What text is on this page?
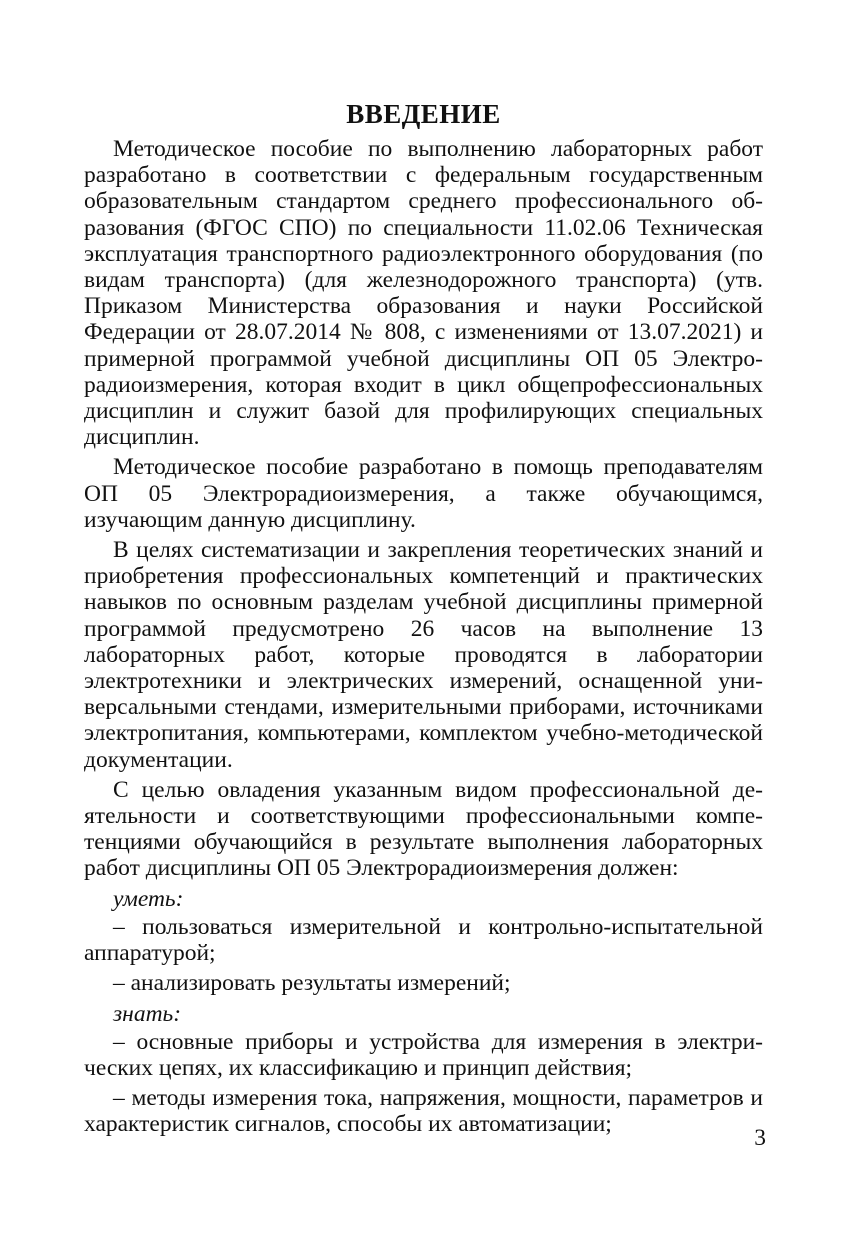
ВВЕДЕНИЕ

Методическое пособие по выполнению лабораторных работ разработано в соответствии с федеральным государственным образовательным стандартом среднего профессионального образования (ФГОС СПО) по специальности 11.02.06 Техническая эксплуатация транспортного радиоэлектронного оборудования (по видам транспорта) (для железнодорожного транспорта) (утв. Приказом Министерства образования и науки Российской Федерации от 28.07.2014 № 808, с изменениями от 13.07.2021) и примерной программой учебной дисциплины ОП 05 Электрорадиоизмерения, которая входит в цикл общепрофессиональных дисциплин и служит базой для профилирующих специальных дисциплин.

Методическое пособие разработано в помощь преподавателям ОП 05 Электрорадиоизмерения, а также обучающимся, изучающим данную дисциплину.

В целях систематизации и закрепления теоретических знаний и приобретения профессиональных компетенций и практических навыков по основным разделам учебной дисциплины примерной программой предусмотрено 26 часов на выполнение 13 лабораторных работ, которые проводятся в лаборатории электротехники и электрических измерений, оснащенной универсальными стендами, измерительными приборами, источниками электропитания, компьютерами, комплектом учебно-методической документации.

С целью овладения указанным видом профессиональной деятельности и соответствующими профессиональными компетенциями обучающийся в результате выполнения лабораторных работ дисциплины ОП 05 Электрорадиоизмерения должен:

уметь:

– пользоваться измерительной и контрольно-испытательной аппаратурой;

– анализировать результаты измерений;

знать:

– основные приборы и устройства для измерения в электрических цепях, их классификацию и принцип действия;

– методы измерения тока, напряжения, мощности, параметров и характеристик сигналов, способы их автоматизации;

3
